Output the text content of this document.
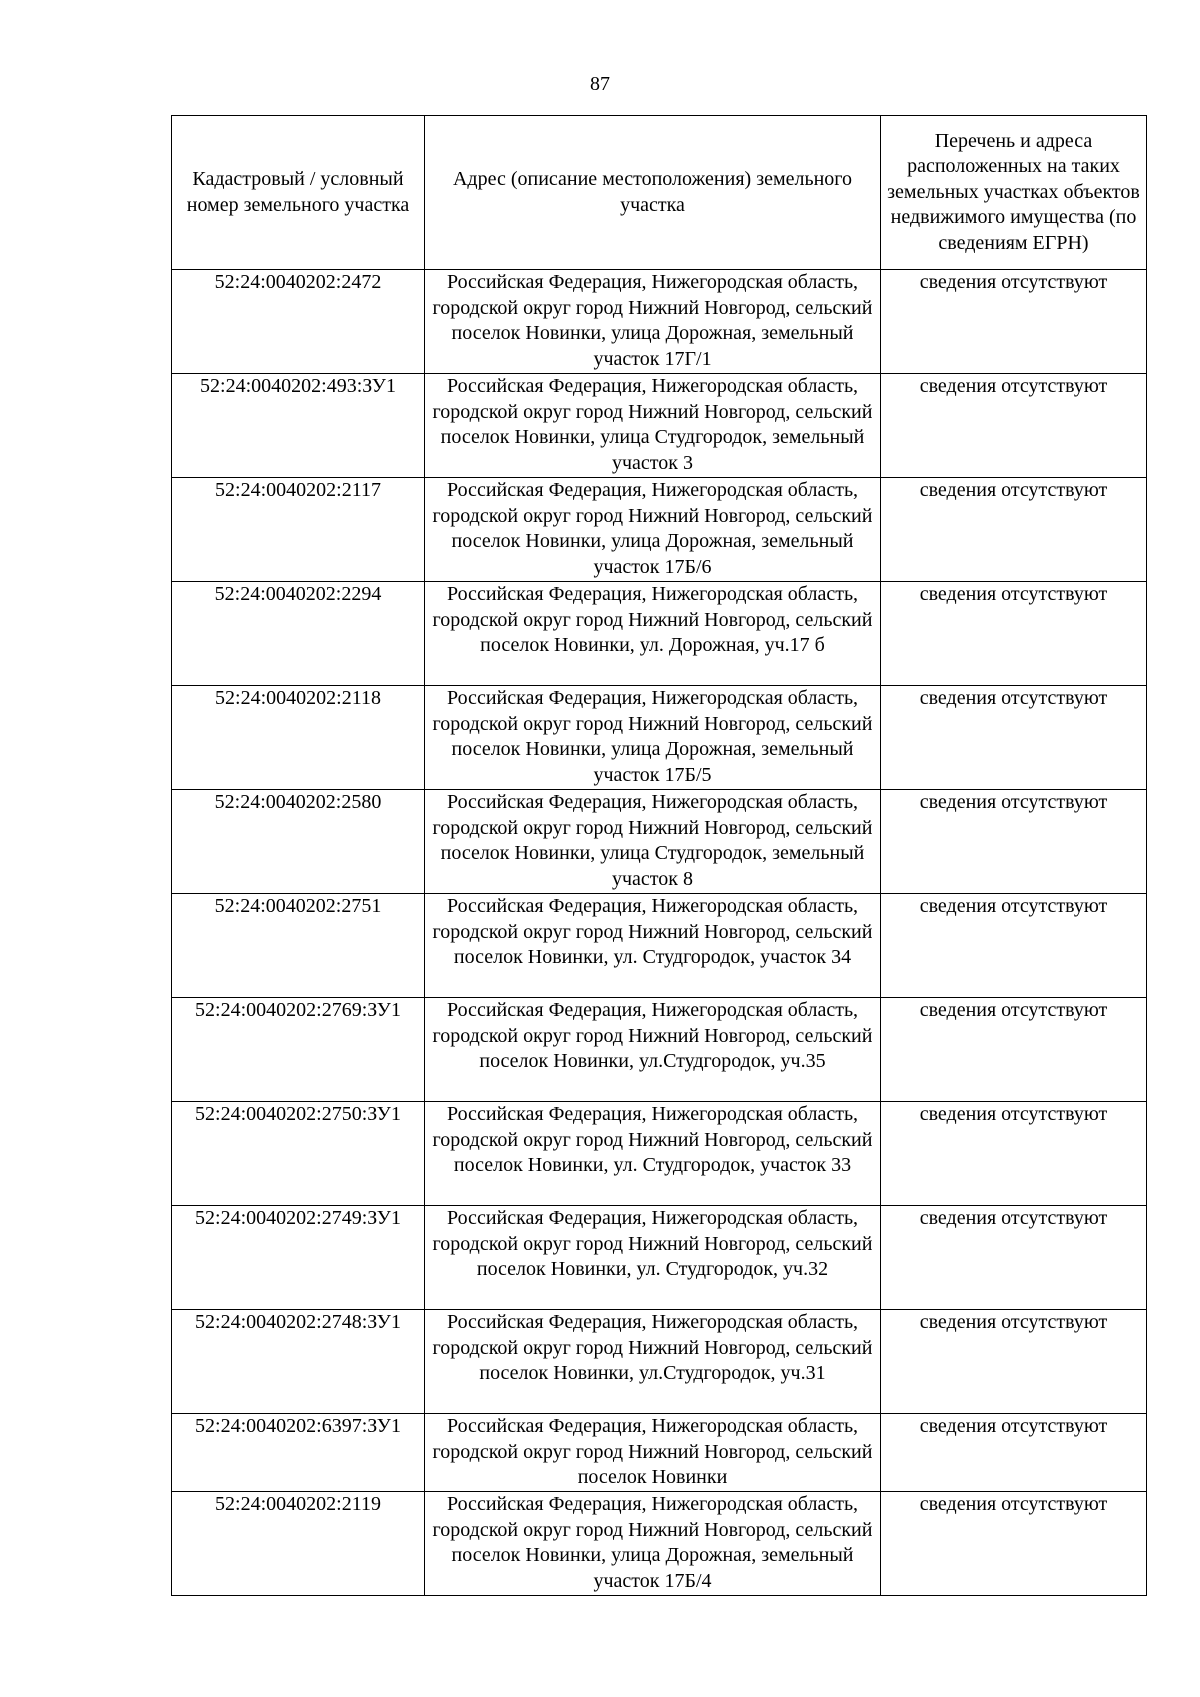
87
Кадастровый / условный номер земельного участка	Адрес (описание местоположения) земельного участка	Перечень и адреса расположенных на таких земельных участках объектов недвижимого имущества (по сведениям ЕГРН)
52:24:0040202:2472	Российская Федерация, Нижегородская область, городской округ город Нижний Новгород, сельский поселок Новинки, улица Дорожная, земельный участок 17Г/1	сведения отсутствуют
52:24:0040202:493:ЗУ1	Российская Федерация, Нижегородская область, городской округ город Нижний Новгород, сельский поселок Новинки, улица Студгородок, земельный участок 3	сведения отсутствуют
52:24:0040202:2117	Российская Федерация, Нижегородская область, городской округ город Нижний Новгород, сельский поселок Новинки, улица Дорожная, земельный участок 17Б/6	сведения отсутствуют
52:24:0040202:2294	Российская Федерация, Нижегородская область, городской округ город Нижний Новгород, сельский поселок Новинки, ул. Дорожная, уч.17 б	сведения отсутствуют
52:24:0040202:2118	Российская Федерация, Нижегородская область, городской округ город Нижний Новгород, сельский поселок Новинки, улица Дорожная, земельный участок 17Б/5	сведения отсутствуют
52:24:0040202:2580	Российская Федерация, Нижегородская область, городской округ город Нижний Новгород, сельский поселок Новинки, улица Студгородок, земельный участок 8	сведения отсутствуют
52:24:0040202:2751	Российская Федерация, Нижегородская область, городской округ город Нижний Новгород, сельский поселок Новинки, ул. Студгородок, участок 34	сведения отсутствуют
52:24:0040202:2769:ЗУ1	Российская Федерация, Нижегородская область, городской округ город Нижний Новгород, сельский поселок Новинки, ул.Студгородок, уч.35	сведения отсутствуют
52:24:0040202:2750:ЗУ1	Российская Федерация, Нижегородская область, городской округ город Нижний Новгород, сельский поселок Новинки, ул. Студгородок, участок 33	сведения отсутствуют
52:24:0040202:2749:ЗУ1	Российская Федерация, Нижегородская область, городской округ город Нижний Новгород, сельский поселок Новинки, ул. Студгородок, уч.32	сведения отсутствуют
52:24:0040202:2748:ЗУ1	Российская Федерация, Нижегородская область, городской округ город Нижний Новгород, сельский поселок Новинки, ул.Студгородок, уч.31	сведения отсутствуют
52:24:0040202:6397:ЗУ1	Российская Федерация, Нижегородская область, городской округ город Нижний Новгород, сельский поселок Новинки	сведения отсутствуют
52:24:0040202:2119	Российская Федерация, Нижегородская область, городской округ город Нижний Новгород, сельский поселок Новинки, улица Дорожная, земельный участок 17Б/4	сведения отсутствуют
